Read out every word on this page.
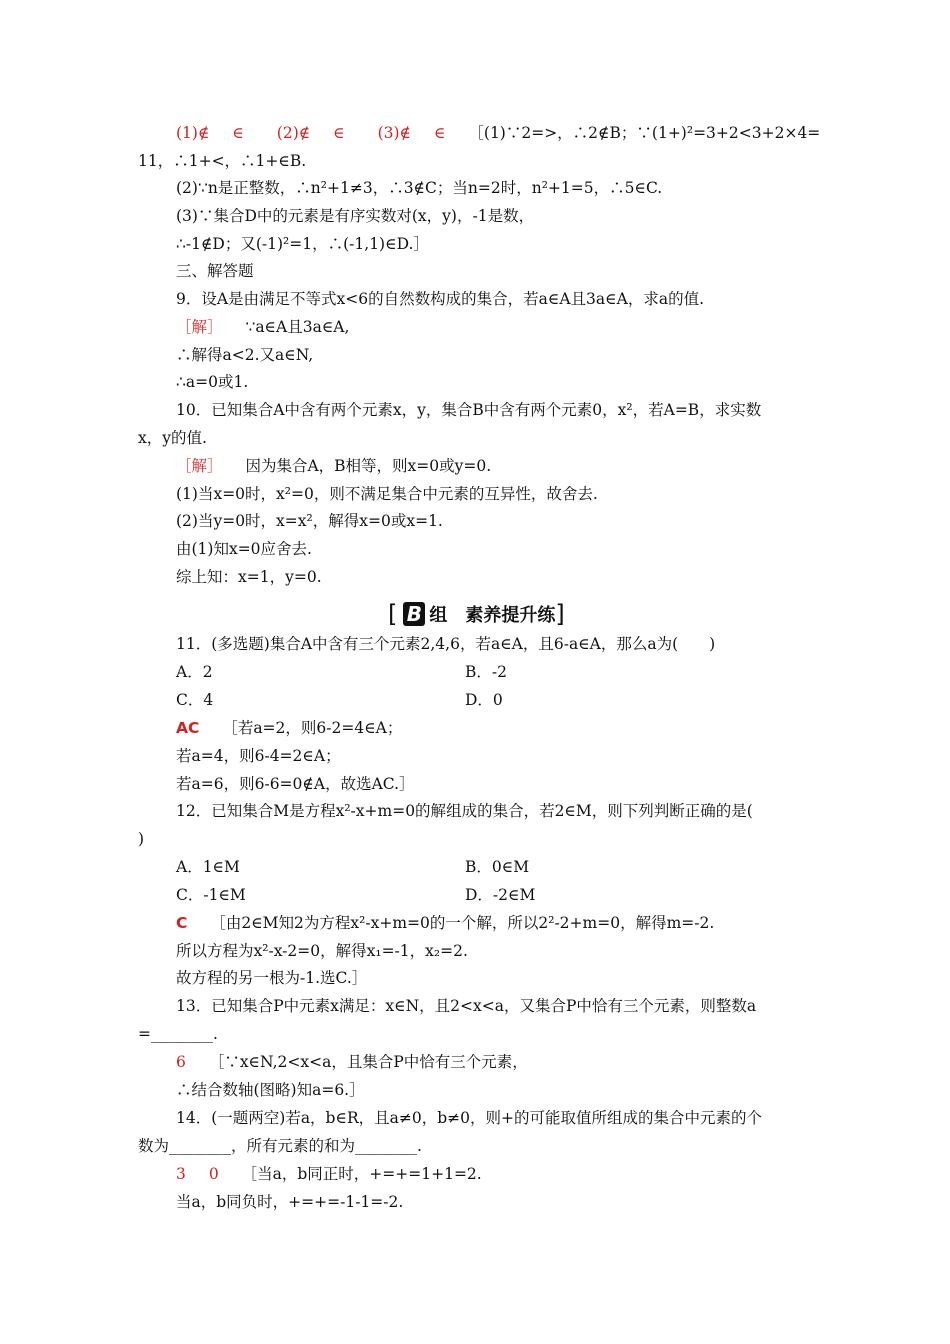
(1)∉ ∈ (2)∉ ∈ (3)∉ ∈ ［(1)∵2=>，∴2∉B；∵(1+)²=3+2<3+2×4=
11，∴1+<，∴1+∈B.
(2)∵n是正整数，∴n²+1≠3，∴3∉C；当n=2时，n²+1=5，∴5∈C.
(3)∵集合D中的元素是有序实数对(x，y)，-1是数，
∴-1∉D；又(-1)²=1，∴(-1,1)∈D.］
三、解答题
9．设A是由满足不等式x<6的自然数构成的集合，若a∈A且3a∈A，求a的值.
［解］ ∵a∈A且3a∈A,
∴解得a<2.又a∈N,
∴a=0或1.
10．已知集合A中含有两个元素x，y，集合B中含有两个元素0，x²，若A=B，求实数
x，y的值.
［解］ 因为集合A，B相等，则x=0或y=0.
(1)当x=0时，x²=0，则不满足集合中元素的互异性，故舍去.
(2)当y=0时，x=x²，解得x=0或x=1.
由(1)知x=0应舍去.
综上知：x=1，y=0.
[ B 组　素养提升练 ]
11．(多选题)集合A中含有三个元素2,4,6，若a∈A，且6-a∈A，那么a为(　　)
A．2	B．-2
C．4	D．0
AC ［若a=2，则6-2=4∈A；
若a=4，则6-4=2∈A；
若a=6，则6-6=0∉A，故选AC.］
12．已知集合M是方程x²-x+m=0的解组成的集合，若2∈M，则下列判断正确的是(
)
A．1∈M	B．0∈M
C．-1∈M	D．-2∈M
C ［由2∈M知2为方程x²-x+m=0的一个解，所以2²-2+m=0，解得m=-2.
所以方程为x²-x-2=0，解得x₁=-1，x₂=2.
故方程的另一根为-1.选C.］
13．已知集合P中元素x满足：x∈N，且2<x<a，又集合P中恰有三个元素，则整数a
=________.
6 ［∵x∈N,2<x<a，且集合P中恰有三个元素，
∴结合数轴(图略)知a=6.］
14．(一题两空)若a，b∈R，且a≠0，b≠0，则+的可能取值所组成的集合中元素的个
数为________，所有元素的和为________.
3 0 ［当a，b同正时，+=+=1+1=2.
当a，b同负时，+=+=-1-1=-2.
